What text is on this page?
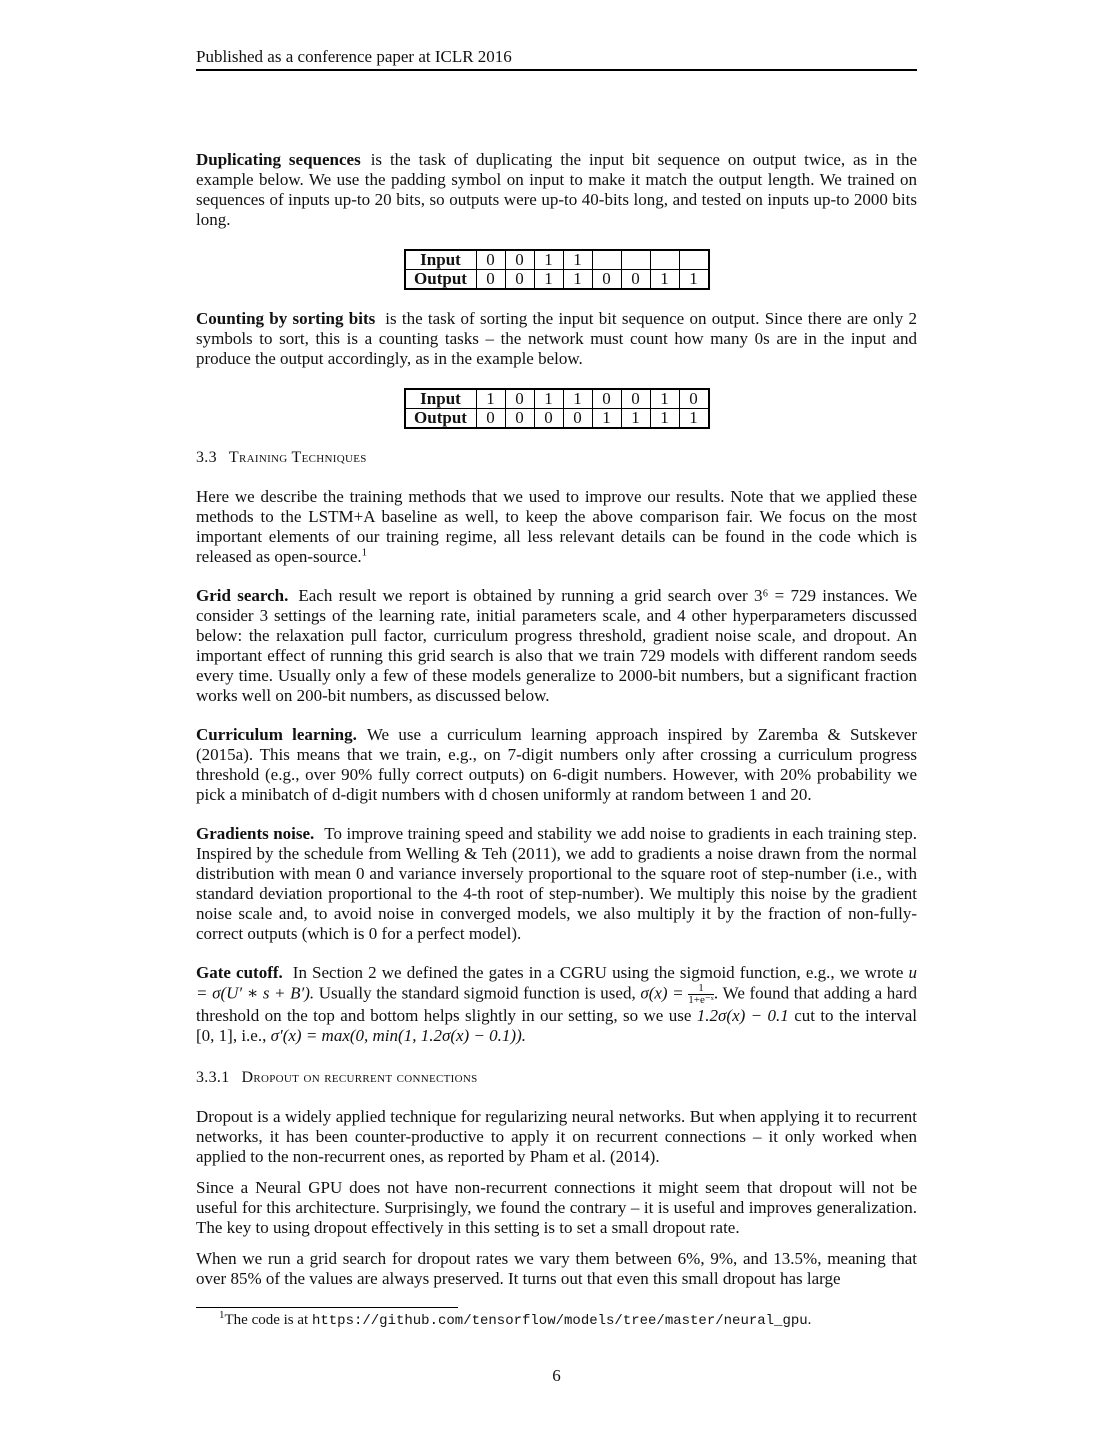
Published as a conference paper at ICLR 2016

Duplicating sequences is the task of duplicating the input bit sequence on output twice, as in the example below. We use the padding symbol on input to make it match the output length. We trained on sequences of inputs up-to 20 bits, so outputs were up-to 40-bits long, and tested on inputs up-to 2000 bits long.

Input	0	0	1	1				
Output	0	0	1	1	0	0	1	1

Counting by sorting bits is the task of sorting the input bit sequence on output. Since there are only 2 symbols to sort, this is a counting tasks – the network must count how many 0s are in the input and produce the output accordingly, as in the example below.

Input	1	0	1	1	0	0	1	0
Output	0	0	0	0	1	1	1	1
3.3 Training Techniques

Here we describe the training methods that we used to improve our results. Note that we applied these methods to the LSTM+A baseline as well, to keep the above comparison fair. We focus on the most important elements of our training regime, all less relevant details can be found in the code which is released as open-source.$^1$

Grid search. Each result we report is obtained by running a grid search over 3⁶ = 729 instances. We consider 3 settings of the learning rate, initial parameters scale, and 4 other hyperparameters discussed below: the relaxation pull factor, curriculum progress threshold, gradient noise scale, and dropout. An important effect of running this grid search is also that we train 729 models with different random seeds every time. Usually only a few of these models generalize to 2000-bit numbers, but a significant fraction works well on 200-bit numbers, as discussed below.

Curriculum learning. We use a curriculum learning approach inspired by Zaremba & Sutskever (2015a). This means that we train, e.g., on 7-digit numbers only after crossing a curriculum progress threshold (e.g., over 90% fully correct outputs) on 6-digit numbers. However, with 20% probability we pick a minibatch of d-digit numbers with d chosen uniformly at random between 1 and 20.

Gradients noise. To improve training speed and stability we add noise to gradients in each training step. Inspired by the schedule from Welling & Teh (2011), we add to gradients a noise drawn from the normal distribution with mean 0 and variance inversely proportional to the square root of step-number (i.e., with standard deviation proportional to the 4-th root of step-number). We multiply this noise by the gradient noise scale and, to avoid noise in converged models, we also multiply it by the fraction of non-fully-correct outputs (which is 0 for a perfect model).

Gate cutoff. In Section 2 we defined the gates in a CGRU using the sigmoid function, e.g., we wrote u = σ(U′ ∗ s + B′). Usually the standard sigmoid function is used, $\sigma(x) = \frac{1}{\text{1+e⁻ˣ}}$ . We found that adding a hard threshold on the top and bottom helps slightly in our setting, so we use 1.2σ(x) − 0.1 cut to the interval [0, 1], i.e., σ′(x) = max(0, min(1, 1.2σ(x) − 0.1)).

3.3.1 Dropout on recurrent connections

Dropout is a widely applied technique for regularizing neural networks. But when applying it to recurrent networks, it has been counter-productive to apply it on recurrent connections – it only worked when applied to the non-recurrent ones, as reported by Pham et al. (2014).

Since a Neural GPU does not have non-recurrent connections it might seem that dropout will not be useful for this architecture. Surprisingly, we found the contrary – it is useful and improves generalization. The key to using dropout effectively in this setting is to set a small dropout rate.

When we run a grid search for dropout rates we vary them between 6%, 9%, and 13.5%, meaning that over 85% of the values are always preserved. It turns out that even this small dropout has large

$^1$The code is at https://github.com/tensorflow/models/tree/master/neural_gpu.
6
